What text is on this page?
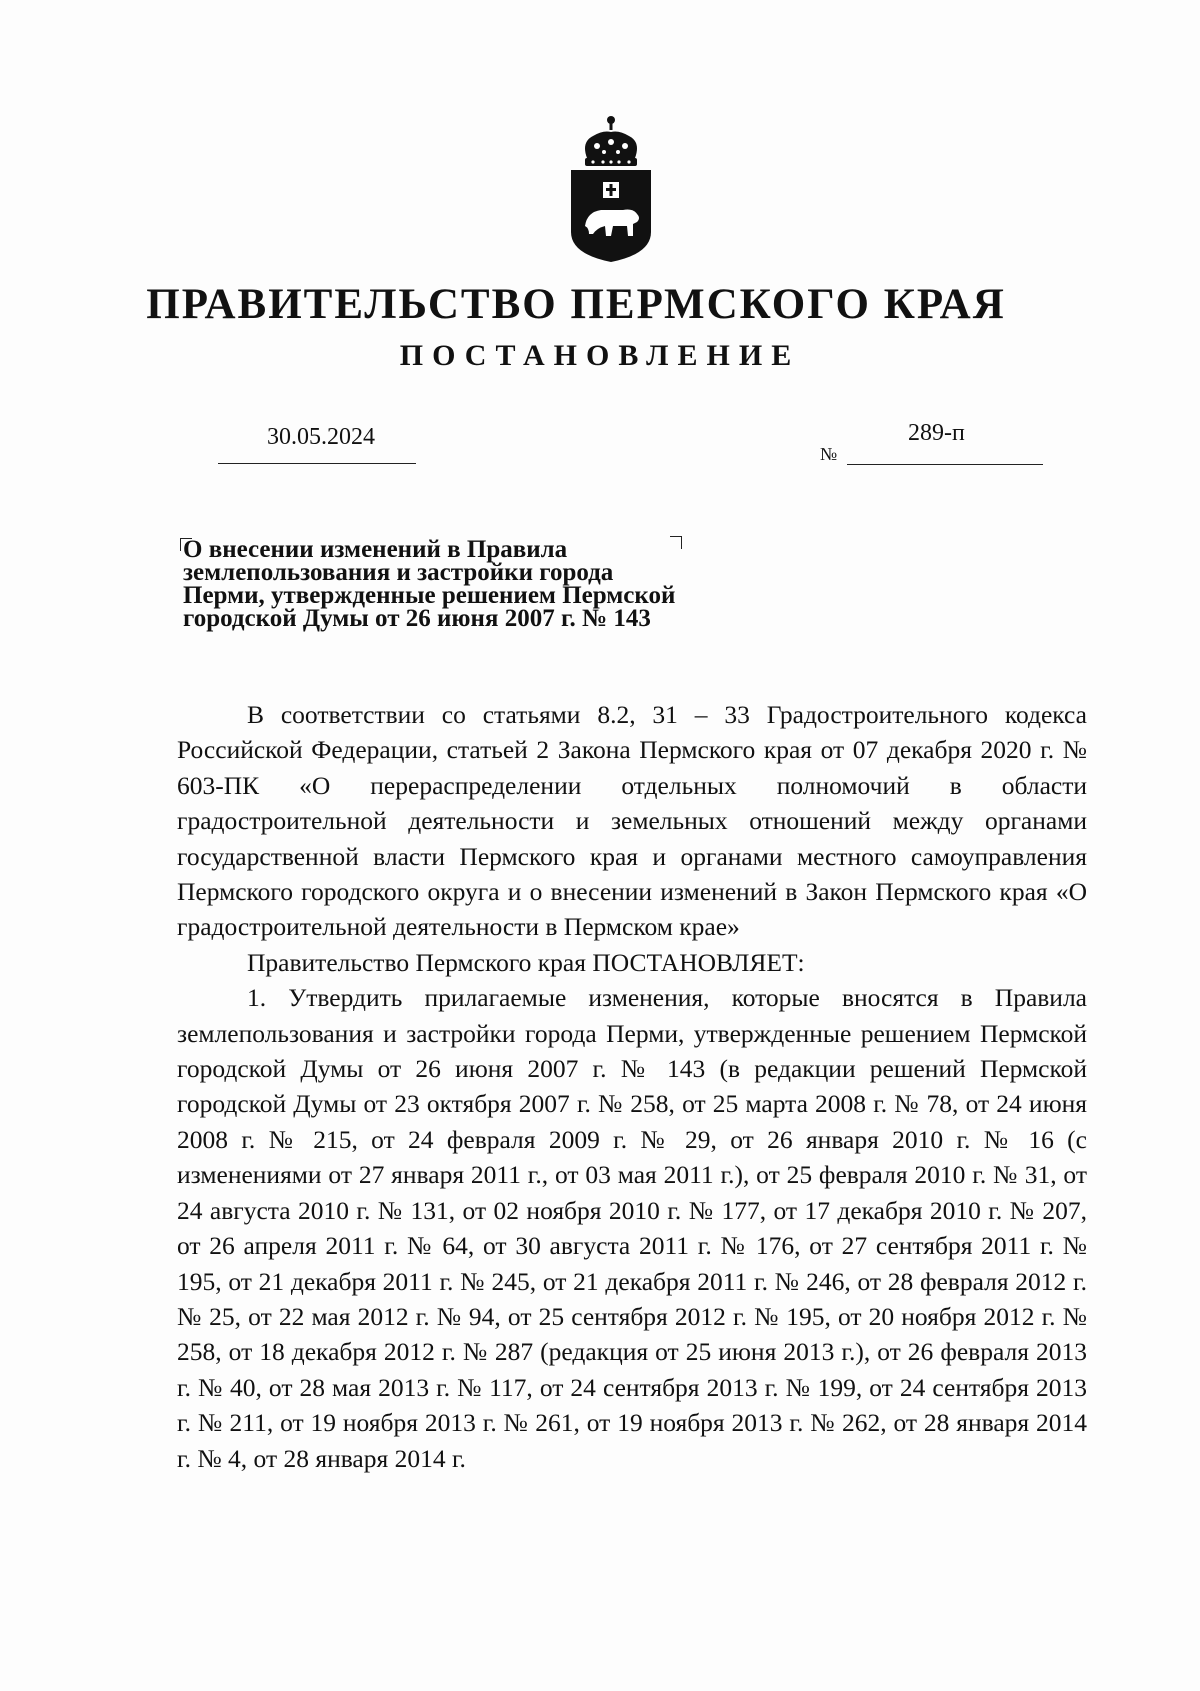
ПРАВИТЕЛЬСТВО ПЕРМСКОГО КРАЯ
ПОСТАНОВЛЕНИЕ
30.05.2024
№
289-п
О внесении изменений в Правила
землепользования и застройки города
Перми, утвержденные решением Пермской
городской Думы от 26 июня 2007 г. № 143

В соответствии со статьями 8.2, 31 – 33 Градостроительного кодекса Российской Федерации, статьей 2 Закона Пермского края от 07 декабря 2020 г. № 603-ПК «О перераспределении отдельных полномочий в области градостроительной деятельности и земельных отношений между органами государственной власти Пермского края и органами местного самоуправления Пермского городского округа и о внесении изменений в Закон Пермского края «О градостроительной деятельности в Пермском крае»

Правительство Пермского края ПОСТАНОВЛЯЕТ:

1. Утвердить прилагаемые изменения, которые вносятся в Правила землепользования и застройки города Перми, утвержденные решением Пермской городской Думы от 26 июня 2007 г. № 143 (в редакции решений Пермской городской Думы от 23 октября 2007 г. № 258, от 25 марта 2008 г. № 78, от 24 июня 2008 г. № 215, от 24 февраля 2009 г. № 29, от 26 января 2010 г. № 16 (с изменениями от 27 января 2011 г., от 03 мая 2011 г.), от 25 февраля 2010 г. № 31, от 24 августа 2010 г. № 131, от 02 ноября 2010 г. № 177, от 17 декабря 2010 г. № 207, от 26 апреля 2011 г. № 64, от 30 августа 2011 г. № 176, от 27 сентября 2011 г. № 195, от 21 декабря 2011 г. № 245, от 21 декабря 2011 г. № 246, от 28 февраля 2012 г. № 25, от 22 мая 2012 г. № 94, от 25 сентября 2012 г. № 195, от 20 ноября 2012 г. № 258, от 18 декабря 2012 г. № 287 (редакция от 25 июня 2013 г.), от 26 февраля 2013 г. № 40, от 28 мая 2013 г. № 117, от 24 сентября 2013 г. № 199, от 24 сентября 2013 г. № 211, от 19 ноября 2013 г. № 261, от 19 ноября 2013 г. № 262, от 28 января 2014 г. № 4, от 28 января 2014 г.
